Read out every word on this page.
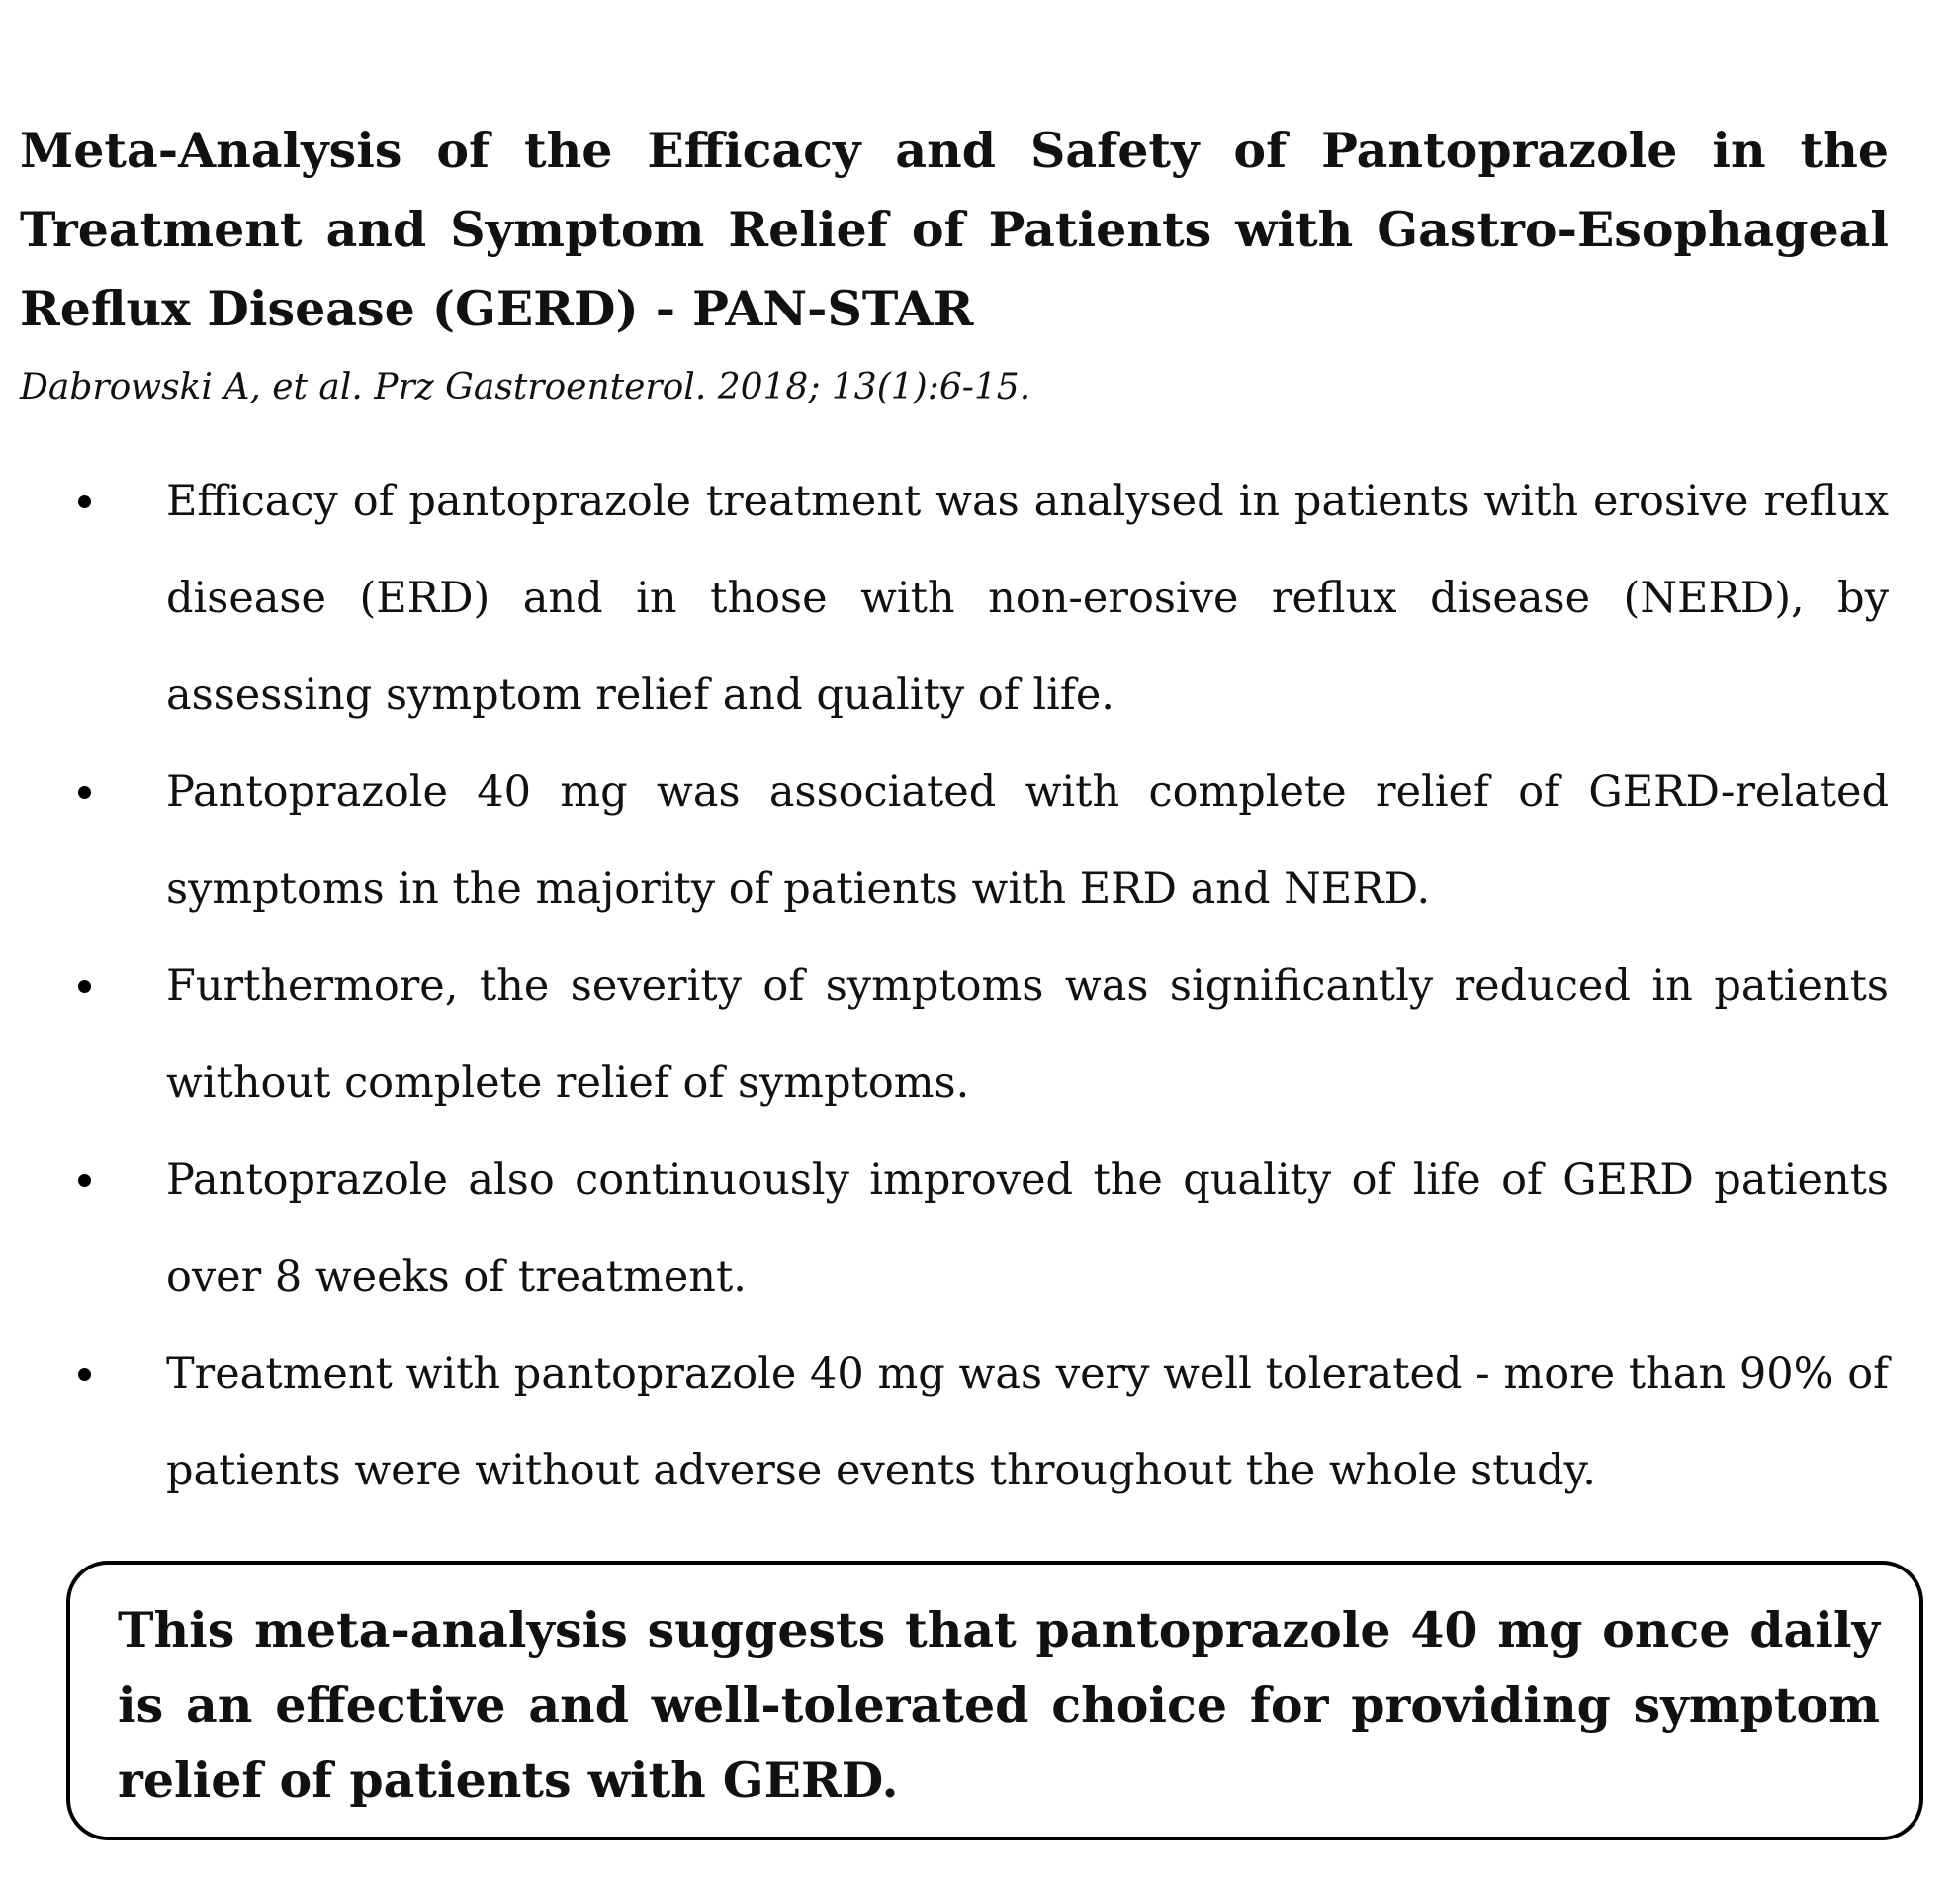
Meta-Analysis of the Efficacy and Safety of Pantoprazole in the Treatment and Symptom Relief of Patients with Gastro-Esophageal Reflux Disease (GERD) - PAN-STAR

Dabrowski A, et al. Prz Gastroenterol. 2018; 13(1):6-15.

Efficacy of pantoprazole treatment was analysed in patients with erosive reflux disease (ERD) and in those with non-erosive reflux disease (NERD), by assessing symptom relief and quality of life.
Pantoprazole 40 mg was associated with complete relief of GERD-related symptoms in the majority of patients with ERD and NERD.
Furthermore, the severity of symptoms was significantly reduced in patients without complete relief of symptoms.
Pantoprazole also continuously improved the quality of life of GERD patients over 8 weeks of treatment.
Treatment with pantoprazole 40 mg was very well tolerated - more than 90% of patients were without adverse events throughout the whole study.

This meta-analysis suggests that pantoprazole 40 mg once daily is an effective and well-tolerated choice for providing symptom relief of patients with GERD.
